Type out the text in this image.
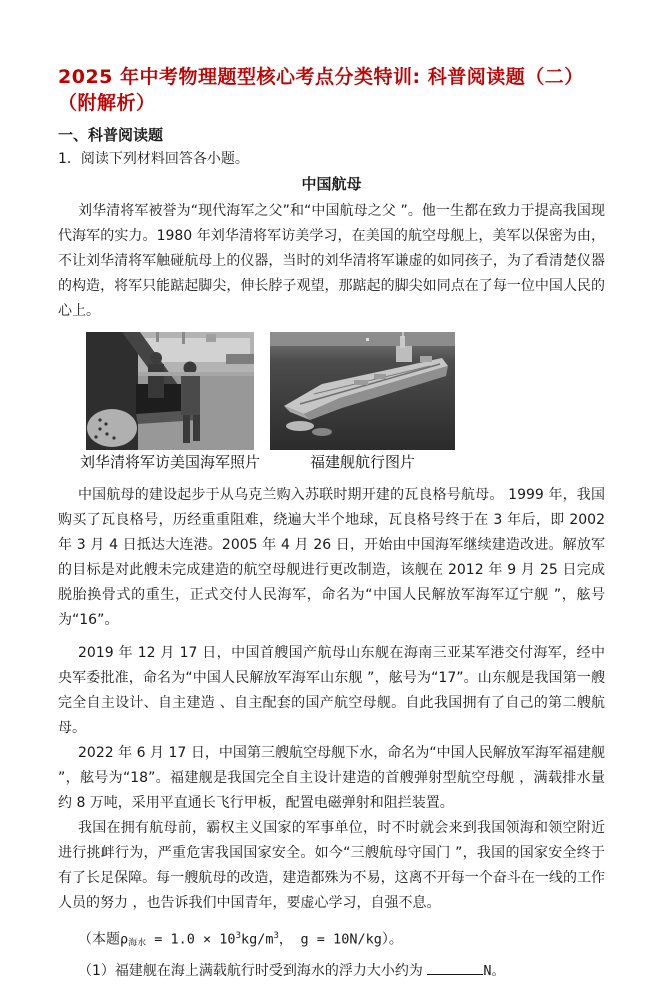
2025 年中考物理题型核心考点分类特训: 科普阅读题（二）（附解析）
一、科普阅读题
1．阅读下列材料回答各小题。
中国航母

刘华清将军被誉为“现代海军之父”和“中国航母之父 ”。他一生都在致力于提高我国现代海军的实力。1980 年刘华清将军访美学习，在美国的航空母舰上，美军以保密为由，不让刘华清将军触碰航母上的仪器，当时的刘华清将军谦虚的如同孩子，为了看清楚仪器的构造，将军只能踮起脚尖，伸长脖子观望，那踮起的脚尖如同点在了每一位中国人民的心上。

刘华清将军访美国海军照片	福建舰航行图片

中国航母的建设起步于从乌克兰购入苏联时期开建的瓦良格号航母。 1999 年，我国购买了瓦良格号，历经重重阻难，绕遍大半个地球，瓦良格号终于在 3 年后，即 2002 年 3 月 4 日抵达大连港。2005 年 4 月 26 日，开始由中国海军继续建造改进。解放军的目标是对此艘未完成建造的航空母舰进行更改制造，该舰在 2012 年 9 月 25 日完成脱胎换骨式的重生，正式交付人民海军，命名为“中国人民解放军海军辽宁舰 ”，舷号为“16”。

2019 年 12 月 17 日，中国首艘国产航母山东舰在海南三亚某军港交付海军，经中央军委批准，命名为“中国人民解放军海军山东舰 ”，舷号为“17”。山东舰是我国第一艘完全自主设计、自主建造 、自主配套的国产航空母舰。自此我国拥有了自己的第二艘航母。

2022 年 6 月 17 日，中国第三艘航空母舰下水，命名为“中国人民解放军海军福建舰 ”，舷号为“18”。福建舰是我国完全自主设计建造的首艘弹射型航空母舰 ，满载排水量约 8 万吨，采用平直通长飞行甲板，配置电磁弹射和阻拦装置。

我国在拥有航母前，霸权主义国家的军事单位，时不时就会来到我国领海和领空附近进行挑衅行为，严重危害我国国家安全。如今“三艘航母守国门 ”，我国的国家安全终于有了长足保障。每一艘航母的改造，建造都殊为不易，这离不开每一个奋斗在一线的工作人员的努力 ，也告诉我们中国青年，要虚心学习，自强不息。

（本题ρ海水 = $1.0 \times 10^3kg/m^3$， g = 10N/kg）。
（1）福建舰在海上满载航行时受到海水的浮力大小约为	N。
